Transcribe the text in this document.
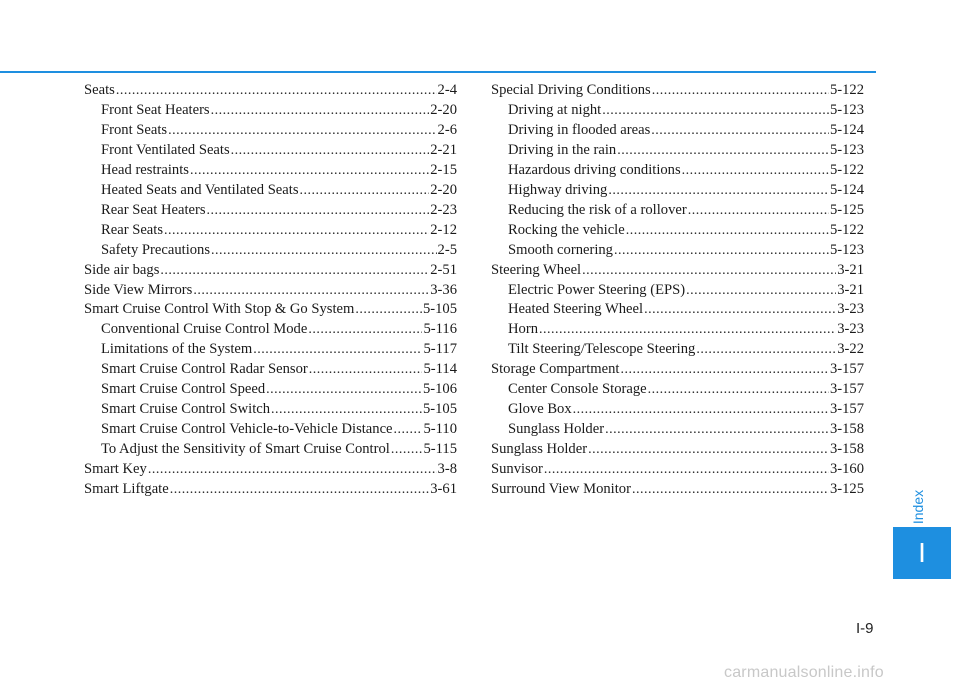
Seats .....	2-4
Front Seat Heaters .....	2-20
Front Seats .....	2-6
Front Ventilated Seats .....	2-21
Head restraints .....	2-15
Heated Seats and Ventilated Seats .....	2-20
Rear Seat Heaters .....	2-23
Rear Seats .....	2-12
Safety Precautions .....	2-5
Side air bags .....	2-51
Side View Mirrors .....	3-36
Smart Cruise Control With Stop & Go System .....	5-105
Conventional Cruise Control Mode .....	5-116
Limitations of the System .....	5-117
Smart Cruise Control Radar Sensor .....	5-114
Smart Cruise Control Speed .....	5-106
Smart Cruise Control Switch .....	5-105
Smart Cruise Control Vehicle-to-Vehicle Distance ..... 5-110
To Adjust the Sensitivity of Smart Cruise Control ..... 5-115
Smart Key .....	3-8
Smart Liftgate .....	3-61
Special Driving Conditions .....	5-122
Driving at night .....	5-123
Driving in flooded areas .....	5-124
Driving in the rain .....	5-123
Hazardous driving conditions .....	5-122
Highway driving .....	5-124
Reducing the risk of a rollover .....	5-125
Rocking the vehicle .....	5-122
Smooth cornering .....	5-123
Steering Wheel .....	3-21
Electric Power Steering (EPS) .....	3-21
Heated Steering Wheel .....	3-23
Horn .....	3-23
Tilt Steering/Telescope Steering .....	3-22
Storage Compartment .....	3-157
Center Console Storage .....	3-157
Glove Box .....	3-157
Sunglass Holder .....	3-158
Sunglass Holder .....	3-158
Sunvisor .....	3-160
Surround View Monitor .....	3-125
Index
I
I-9
carmanualsonline.info
